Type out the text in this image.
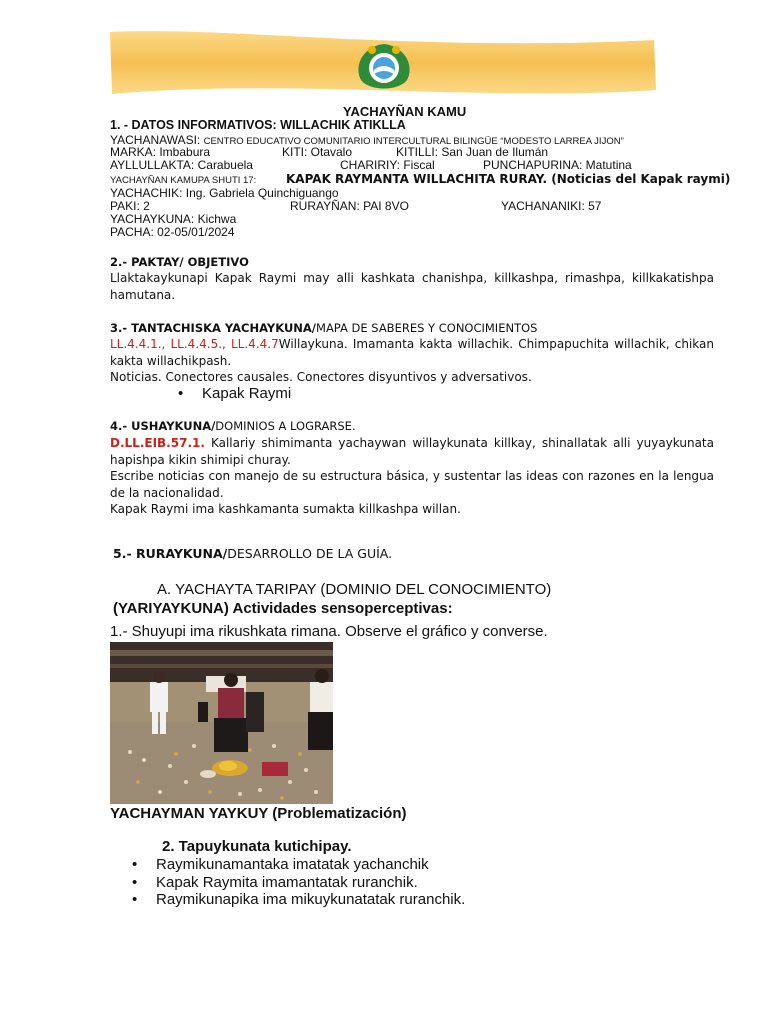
YACHAYÑAN KAMU
1. - DATOS INFORMATIVOS: WILLACHIK ATIKLLA
YACHANAWASI: CENTRO EDUCATIVO COMUNITARIO INTERCULTURAL BILINGÜE “MODESTO LARREA JIJON”
MARKA: Imbabura	KITI: Otavalo	KITILLI: San Juan de Ilumán
AYLLULLAKTA: Carabuela	CHARIRIY: Fiscal	PUNCHAPURINA: Matutina
YACHAYÑAN KAMUPA SHUTI 17: KAPAK RAYMANTA WILLACHITA RURAY. (Noticias del Kapak raymi)
YACHACHIK: Ing. Gabriela Quinchiguango
PAKI: 2	RURAYÑAN: PAI 8VO	YACHANANIKI: 57
YACHAYKUNA: Kichwa
PACHA: 02-05/01/2024
2.- PAKTAY/ OBJETIVO
Llaktakaykunapi Kapak Raymi may alli kashkata chanishpa, killkashpa, rimashpa, killkakatishpa hamutana.
3.- TANTACHISKA YACHAYKUNA/MAPA DE SABERES Y CONOCIMIENTOS
LL.4.4.1., LL.4.4.5., LL.4.4.7Willaykuna. Imamanta kakta willachik. Chimpapuchita willachik, chikan kakta willachikpash.
Noticias. Conectores causales. Conectores disyuntivos y adversativos.
• Kapak Raymi
4.- USHAYKUNA/DOMINIOS A LOGRARSE.
D.LL.EIB.57.1. Kallariy shimimanta yachaywan willaykunata killkay, shinallatak alli yuyaykunata hapishpa kikin shimipi churay.
Escribe noticias con manejo de su estructura básica, y sustentar las ideas con razones en la lengua de la nacionalidad.
Kapak Raymi ima kashkamanta sumakta killkashpa willan.
5.- RURAYKUNA/DESARROLLO DE LA GUÍA.
A. YACHAYTA TARIPAY (DOMINIO DEL CONOCIMIENTO)
(YARIYAYKUNA) Actividades sensoperceptivas:
1.- Shuyupi ima rikushkata rimana. Observe el gráfico y converse.
YACHAYMAN YAYKUY (Problematización)
2. Tapuykunata kutichipay.
• Raymikunamantaka imatatak yachanchik
• Kapak Raymita imamantatak ruranchik.
• Raymikunapika ima mikuykunatatak ruranchik.
